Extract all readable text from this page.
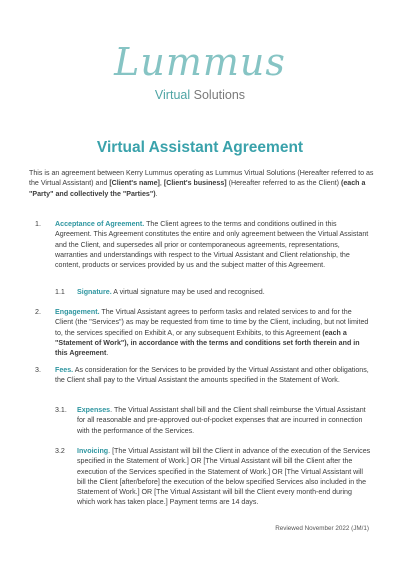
Lummus
Virtual Solutions
Virtual Assistant Agreement
This is an agreement between Kerry Lummus operating as Lummus Virtual Solutions (Hereafter referred to as the Virtual Assistant) and [Client's name], [Client's business] (Hereafter referred to as the Client) (each a "Party" and collectively the "Parties").
1. Acceptance of Agreement. The Client agrees to the terms and conditions outlined in this Agreement. This Agreement constitutes the entire and only agreement between the Virtual Assistant and the Client, and supersedes all prior or contemporaneous agreements, representations, warranties and understandings with respect to the Virtual Assistant and Client relationship, the content, products or services provided by us and the subject matter of this Agreement.
1.1 Signature. A virtual signature may be used and recognised.
2. Engagement. The Virtual Assistant agrees to perform tasks and related services to and for the Client (the "Services") as may be requested from time to time by the Client, including, but not limited to, the services specified on Exhibit A, or any subsequent Exhibits, to this Agreement (each a "Statement of Work"), in accordance with the terms and conditions set forth therein and in this Agreement.
3. Fees. As consideration for the Services to be provided by the Virtual Assistant and other obligations, the Client shall pay to the Virtual Assistant the amounts specified in the Statement of Work.
3.1. Expenses. The Virtual Assistant shall bill and the Client shall reimburse the Virtual Assistant for all reasonable and pre-approved out-of-pocket expenses that are incurred in connection with the performance of the Services.
3.2 Invoicing. [The Virtual Assistant will bill the Client in advance of the execution of the Services specified in the Statement of Work.] OR [The Virtual Assistant will bill the Client after the execution of the Services specified in the Statement of Work.] OR [The Virtual Assistant will bill the Client [after/before] the execution of the below specified Services also included in the Statement of Work.] OR [The Virtual Assistant will bill the Client every month-end during which work has taken place.] Payment terms are 14 days.
Reviewed November 2022 (JM/1)
